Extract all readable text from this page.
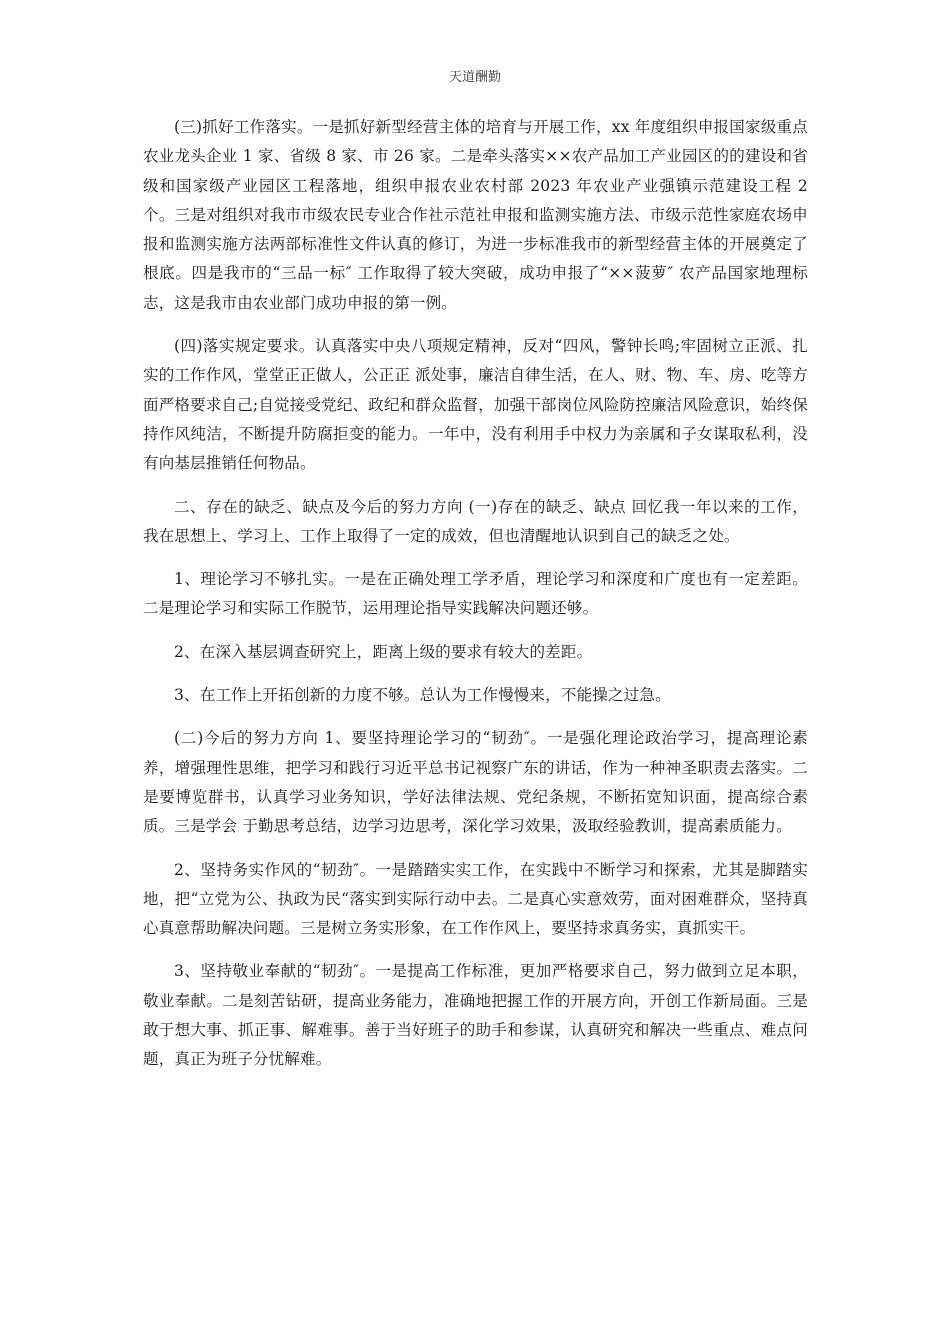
天道酬勤

(三)抓好工作落实。一是抓好新型经营主体的培育与开展工作，xx 年度组织申报国家级重点农业龙头企业 1 家、省级 8 家、市 26 家。二是牵头落实××农产品加工产业园区的的建设和省级和国家级产业园区工程落地，组织申报农业农村部 2023 年农业产业强镇示范建设工程 2 个。三是对组织对我市市级农民专业合作社示范社申报和监测实施方法、市级示范性家庭农场申报和监测实施方法两部标准性文件认真的修订，为进一步标准我市的新型经营主体的开展奠定了根底。四是我市的“三品一标″ 工作取得了较大突破，成功申报了“××菠萝″ 农产品国家地理标志，这是我市由农业部门成功申报的第一例。

(四)落实规定要求。认真落实中央八项规定精神，反对“四风，警钟长鸣;牢固树立正派、扎实的工作作风，堂堂正正做人，公正正 派处事，廉洁自律生活，在人、财、物、车、房、吃等方面严格要求自己;自觉接受党纪、政纪和群众监督，加强干部岗位风险防控廉洁风险意识，始终保持作风纯洁，不断提升防腐拒变的能力。一年中，没有利用手中权力为亲属和子女谋取私利，没有向基层推销任何物品。

二、存在的缺乏、缺点及今后的努力方向 (一)存在的缺乏、缺点 回忆我一年以来的工作，我在思想上、学习上、工作上取得了一定的成效，但也清醒地认识到自己的缺乏之处。

1、理论学习不够扎实。一是在正确处理工学矛盾，理论学习和深度和广度也有一定差距。二是理论学习和实际工作脱节，运用理论指导实践解决问题还够。

2、在深入基层调查研究上，距离上级的要求有较大的差距。

3、在工作上开拓创新的力度不够。总认为工作慢慢来，不能操之过急。

(二)今后的努力方向 1、要坚持理论学习的“韧劲″。一是强化理论政治学习，提高理论素养，增强理性思维，把学习和践行习近平总书记视察广东的讲话，作为一种神圣职责去落实。二是要博览群书，认真学习业务知识，学好法律法规、党纪条规，不断拓宽知识面，提高综合素质。三是学会 于勤思考总结，边学习边思考，深化学习效果，汲取经验教训，提高素质能力。

2、坚持务实作风的“韧劲″。一是踏踏实实工作，在实践中不断学习和探索，尤其是脚踏实地，把“立党为公、执政为民“落实到实际行动中去。二是真心实意效劳，面对困难群众，坚持真心真意帮助解决问题。三是树立务实形象，在工作作风上，要坚持求真务实，真抓实干。

3、坚持敬业奉献的“韧劲″。一是提高工作标准，更加严格要求自己，努力做到立足本职，敬业奉献。二是刻苦钻研，提高业务能力，准确地把握工作的开展方向，开创工作新局面。三是敢于想大事、抓正事、解难事。善于当好班子的助手和参谋，认真研究和解决一些重点、难点问题，真正为班子分忧解难。
